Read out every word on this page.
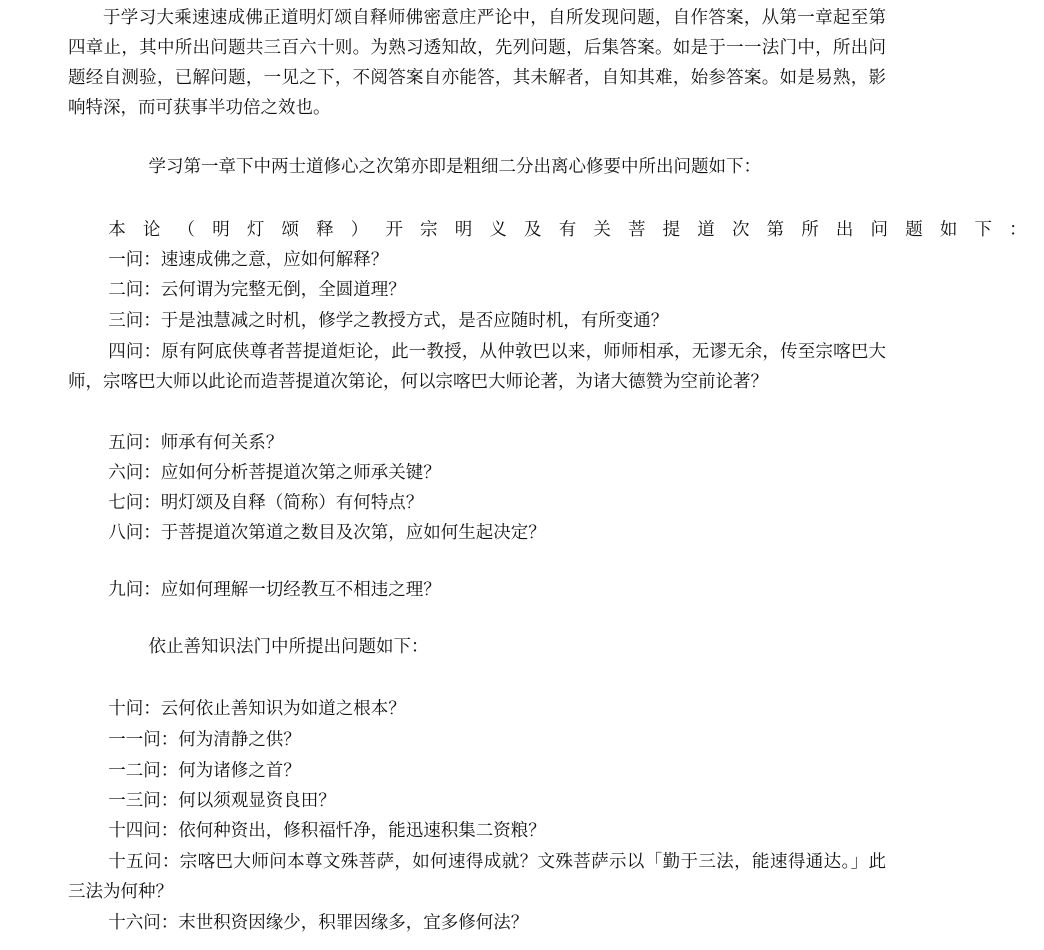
于学习大乘速速成佛正道明灯颂自释师佛密意庄严论中，自所发现问题，自作答案，从第一章起至第四章止，其中所出问题共三百六十则。为熟习透知故，先列问题，后集答案。如是于一一法门中，所出问题经自测验，已解问题，一见之下，不阅答案自亦能答，其未解者，自知其难，始参答案。如是易熟，影响特深，而可获事半功倍之效也。

学习第一章下中两士道修心之次第亦即是粗细二分出离心修要中所出问题如下：

本论（明灯颂释）开宗明义及有关菩提道次第所出问题如下：

一问：速速成佛之意，应如何解释？

二问：云何谓为完整无倒，全圆道理？

三问：于是浊慧减之时机，修学之教授方式，是否应随时机，有所变通？

四问：原有阿底侠尊者菩提道炬论，此一教授，从仲敦巴以来，师师相承，无谬无余，传至宗喀巴大师，宗喀巴大师以此论而造菩提道次第论，何以宗喀巴大师论著，为诸大德赞为空前论著？

五问：师承有何关系？

六问：应如何分析菩提道次第之师承关键？

七问：明灯颂及自释（简称）有何特点？

八问：于菩提道次第道之数目及次第，应如何生起决定？

九问：应如何理解一切经教互不相违之理？

依止善知识法门中所提出问题如下：

十问：云何依止善知识为如道之根本？

一一问：何为清静之供？

一二问：何为诸修之首？

一三问：何以须观显资良田？

十四问：依何种资出，修积福忏净，能迅速积集二资粮？

十五问：宗喀巴大师问本尊文殊菩萨，如何速得成就？文殊菩萨示以「勤于三法，能速得通达。」此三法为何种？

十六问：末世积资因缘少，积罪因缘多，宜多修何法？
